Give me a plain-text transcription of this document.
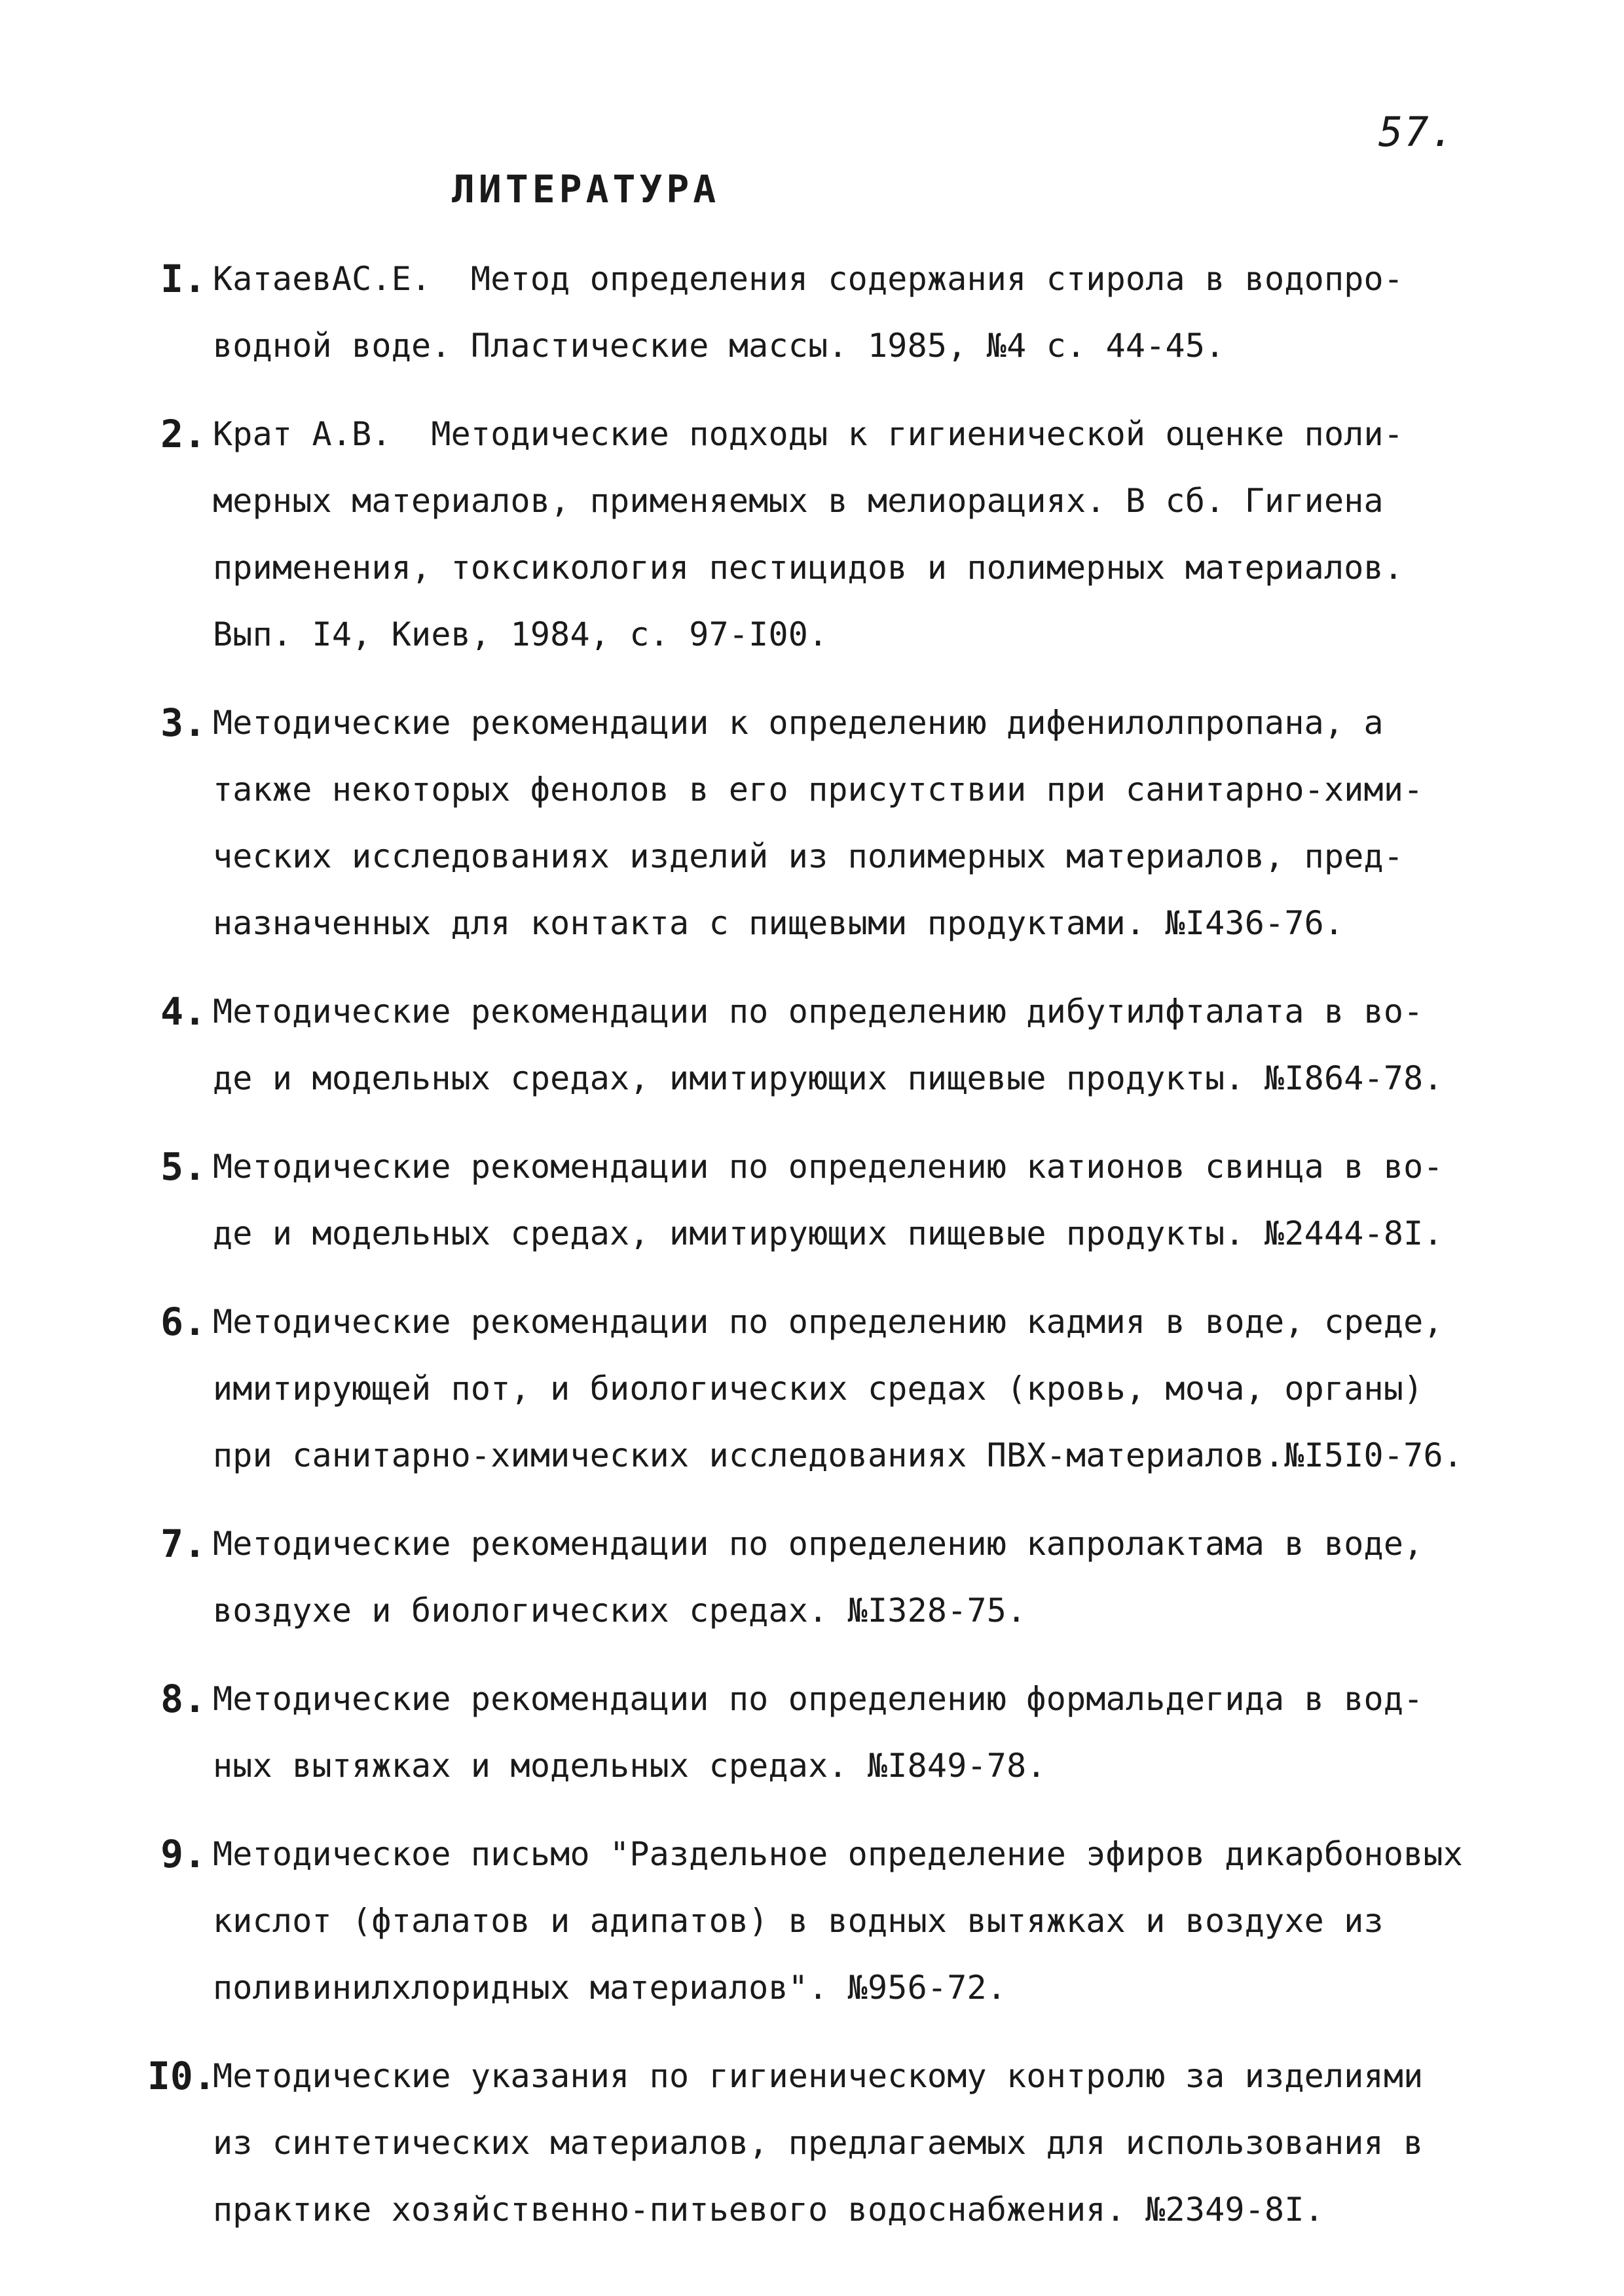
57.
ЛИТЕРАТУРА
I. КатаевAС.Е.  Метод определения содержания стирола в водопро-
водной воде. Пластические массы. 1985, №4 с. 44-45.
2. Крат А.В.  Методические подходы к гигиенической оценке поли-
мерных материалов, применяемых в мелиорациях. В сб. Гигиена
применения, токсикология пестицидов и полимерных материалов.
Вып. I4, Киев, 1984, с. 97-I00.
3. Методические рекомендации к определению дифенилолпропана, а
также некоторых фенолов в его присутствии при санитарно-хими-
ческих исследованиях изделий из полимерных материалов, пред-
назначенных для контакта с пищевыми продуктами. №I436-76.
4. Методические рекомендации по определению дибутилфталата в во-
де и модельных средах, имитирующих пищевые продукты. №I864-78.
5. Методические рекомендации по определению катионов свинца в во-
де и модельных средах, имитирующих пищевые продукты. №2444-8I.
6. Методические рекомендации по определению кадмия в воде, среде,
имитирующей пот, и биологических средах (кровь, моча, органы)
при санитарно-химических исследованиях ПВХ-материалов.№I5I0-76.
7. Методические рекомендации по определению капролактама в воде,
воздухе и биологических средах. №I328-75.
8. Методические рекомендации по определению формальдегида в вод-
ных вытяжках и модельных средах. №I849-78.
9. Методическое письмо "Раздельное определение эфиров дикарбоновых
кислот (фталатов и адипатов) в водных вытяжках и воздухе из
поливинилхлоридных материалов". №956-72.
I0.
Методические указания по гигиеническому контролю за изделиями
из синтетических материалов, предлагаемых для использования в
практике хозяйственно-питьевого водоснабжения. №2349-8I.
